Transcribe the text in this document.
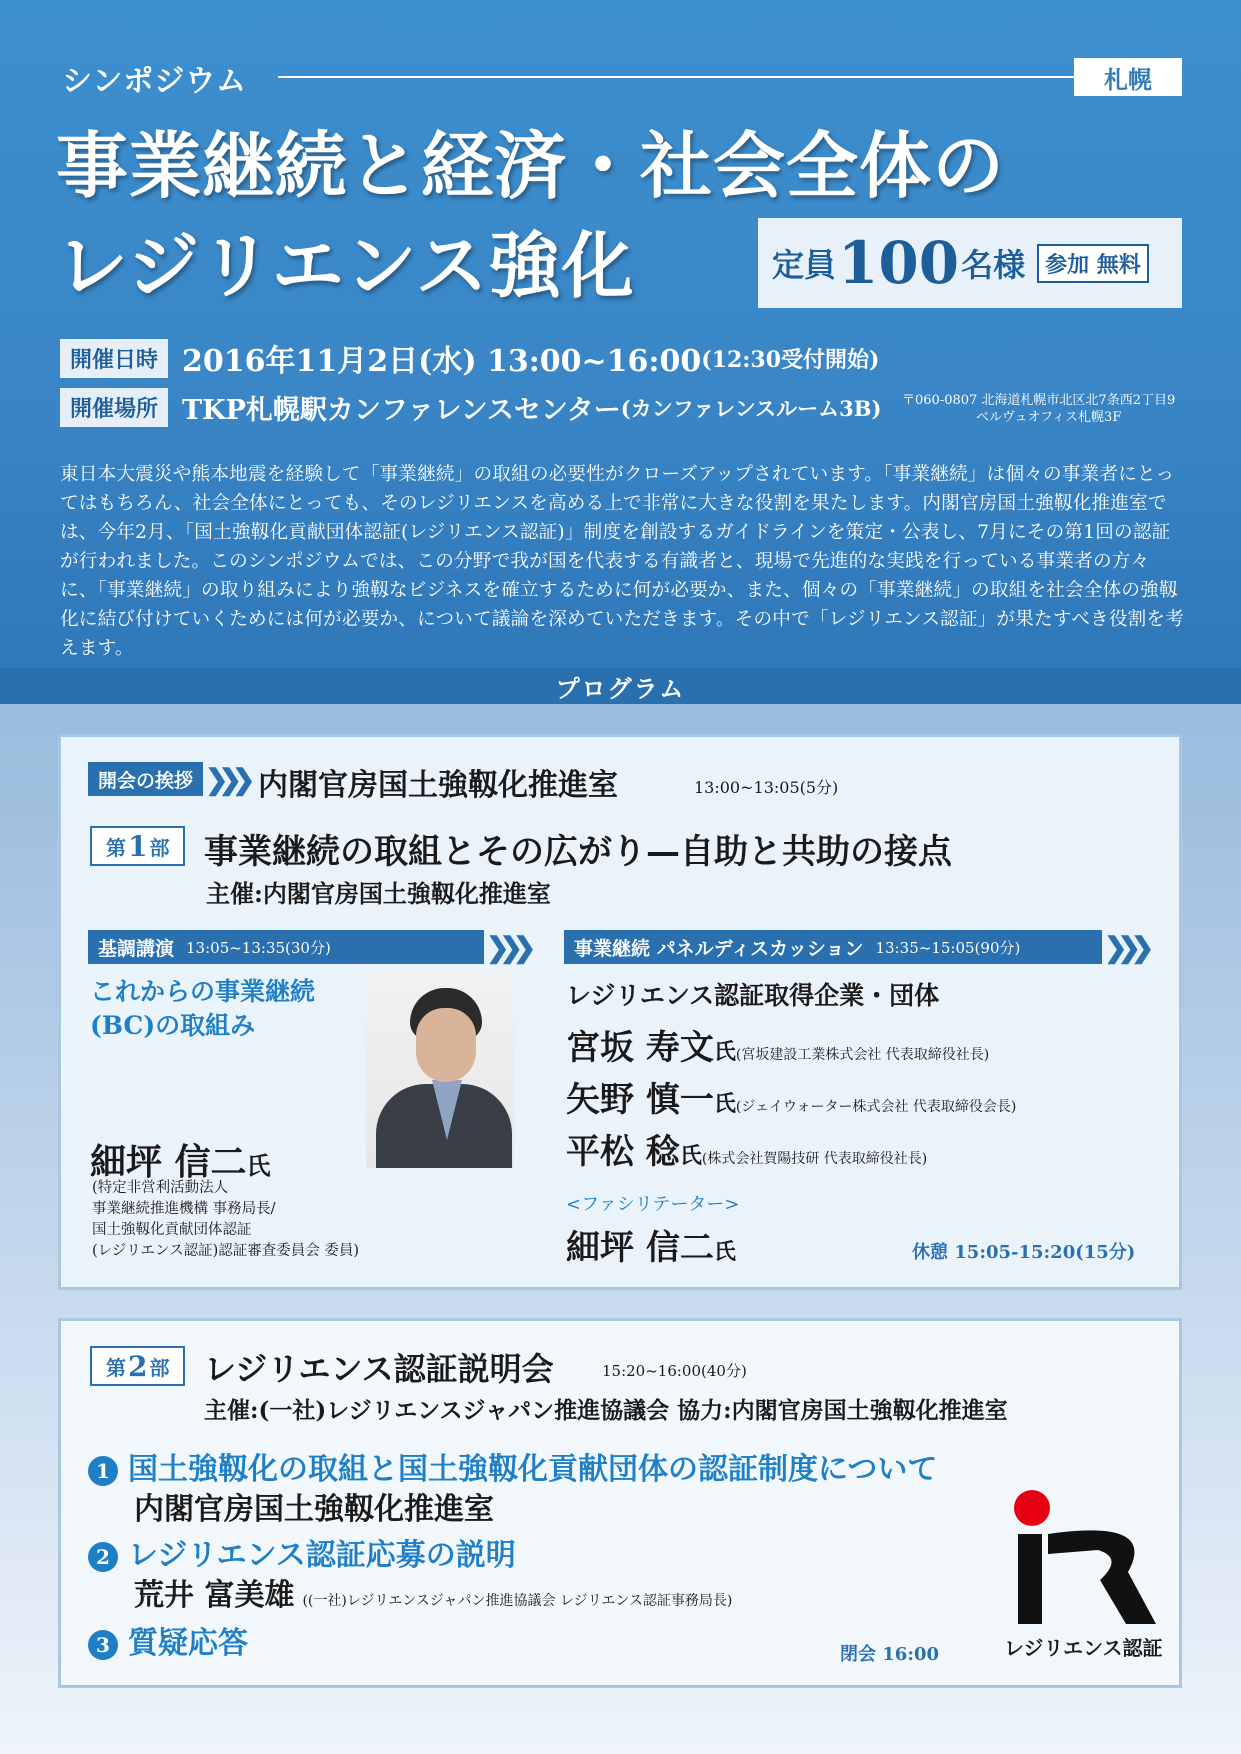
シンポジウム	札幌
事業継続と経済・社会全体の
レジリエンス強化	定員 100 名様 参加 無料
開催日時 2016年11月2日(水) 13:00~16:00 (12:30受付開始)
開催場所 TKP札幌駅カンファレンスセンター (カンファレンスルーム3B) 〒060-0807 北海道札幌市北区北7条西2丁目9
ベルヴュオフィス札幌3F

東日本大震災や熊本地震を経験して「事業継続」の取組の必要性がクローズアップされています。「事業継続」は個々の事業者にとってはもちろん、社会全体にとっても、そのレジリエンスを高める上で非常に大きな役割を果たします。内閣官房国土強靱化推進室では、今年2月、「国土強靱化貢献団体認証(レジリエンス認証)」制度を創設するガイドラインを策定・公表し、7月にその第1回の認証が行われました。このシンポジウムでは、この分野で我が国を代表する有識者と、現場で先進的な実践を行っている事業者の方々に、「事業継続」の取り組みにより強靱なビジネスを確立するために何が必要か、また、個々の「事業継続」の取組を社会全体の強靱化に結び付けていくためには何が必要か、について議論を深めていただきます。その中で「レジリエンス認証」が果たすべき役割を考えます。

プログラム
開会の挨拶 ❯❯❯ 内閣官房国土強靱化推進室	13:00~13:05(5分)
第 1 部 事業継続の取組とその広がり—自助と共助の接点
主催:内閣官房国土強靱化推進室
基調講演 13:05~13:35(30分)	❯❯❯
これからの事業継続
(BC)の取組み
細坪 信二氏
(特定非営利活動法人
事業継続推進機構 事務局長/
国土強靱化貢献団体認証
(レジリエンス認証)認証審査委員会 委員)
事業継続 パネルディスカッション 13:35~15:05(90分)	❯❯❯
レジリエンス認証取得企業・団体
宮坂 寿文氏(宮坂建設工業株式会社 代表取締役社長)
矢野 慎一氏(ジェイウォーター株式会社 代表取締役会長)
平松 稔氏(株式会社賀陽技研 代表取締役社長)
<ファシリテーター>
細坪 信二氏	休憩 15:05-15:20(15分)
第 2 部 レジリエンス認証説明会	15:20~16:00(40分)
主催:(一社)レジリエンスジャパン推進協議会 協力:内閣官房国土強靱化推進室
1 国土強靱化の取組と国土強靱化貢献団体の認証制度について
内閣官房国土強靱化推進室
2 レジリエンス認証応募の説明
荒井 富美雄 ((一社)レジリエンスジャパン推進協議会 レジリエンス認証事務局長)
3 質疑応答	閉会 16:00	レジリエンス認証
